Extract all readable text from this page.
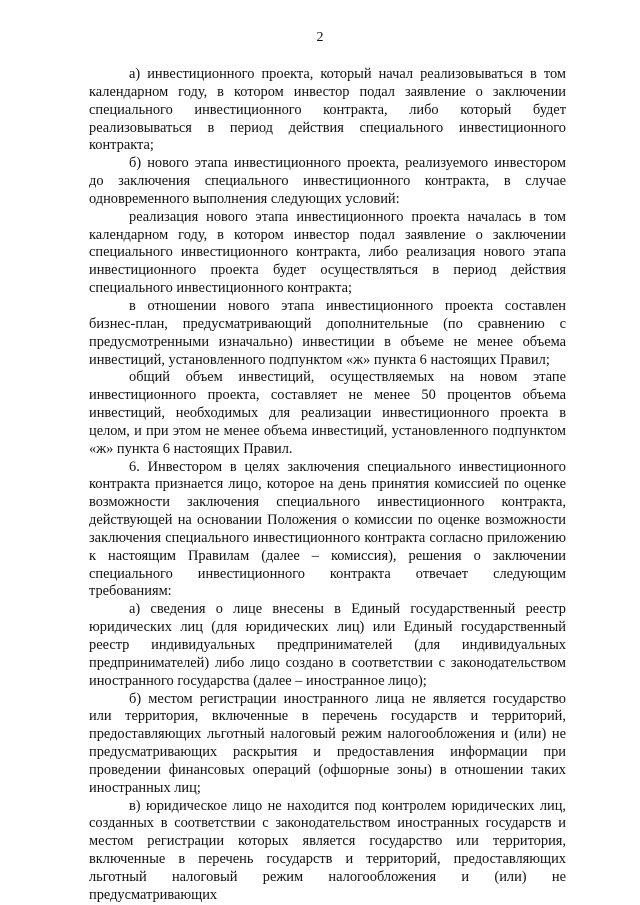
2

а) инвестиционного проекта, который начал реализовываться в том календарном году, в котором инвестор подал заявление о заключении специального инвестиционного контракта, либо который будет реализовываться в период действия специального инвестиционного контракта;

б) нового этапа инвестиционного проекта, реализуемого инвестором до заключения специального инвестиционного контракта, в случае одновременного выполнения следующих условий:

реализация нового этапа инвестиционного проекта началась в том календарном году, в котором инвестор подал заявление о заключении специального инвестиционного контракта, либо реализация нового этапа инвестиционного проекта будет осуществляться в период действия специального инвестиционного контракта;

в отношении нового этапа инвестиционного проекта составлен бизнес-план, предусматривающий дополнительные (по сравнению с предусмотренными изначально) инвестиции в объеме не менее объема инвестиций, установленного подпунктом «ж» пункта 6 настоящих Правил;

общий объем инвестиций, осуществляемых на новом этапе инвестиционного проекта, составляет не менее 50 процентов объема инвестиций, необходимых для реализации инвестиционного проекта в целом, и при этом не менее объема инвестиций, установленного подпунктом «ж» пункта 6 настоящих Правил.

6. Инвестором в целях заключения специального инвестиционного контракта признается лицо, которое на день принятия комиссией по оценке возможности заключения специального инвестиционного контракта, действующей на основании Положения о комиссии по оценке возможности заключения специального инвестиционного контракта согласно приложению к настоящим Правилам (далее – комиссия), решения о заключении специального инвестиционного контракта отвечает следующим требованиям:

а) сведения о лице внесены в Единый государственный реестр юридических лиц (для юридических лиц) или Единый государственный реестр индивидуальных предпринимателей (для индивидуальных предпринимателей) либо лицо создано в соответствии с законодательством иностранного государства (далее – иностранное лицо);

б) местом регистрации иностранного лица не является государство или территория, включенные в перечень государств и территорий, предоставляющих льготный налоговый режим налогообложения и (или) не предусматривающих раскрытия и предоставления информации при проведении финансовых операций (офшорные зоны) в отношении таких иностранных лиц;

в) юридическое лицо не находится под контролем юридических лиц, созданных в соответствии с законодательством иностранных государств и местом регистрации которых является государство или территория, включенные в перечень государств и территорий, предоставляющих льготный налоговый режим налогообложения и (или) не предусматривающих
